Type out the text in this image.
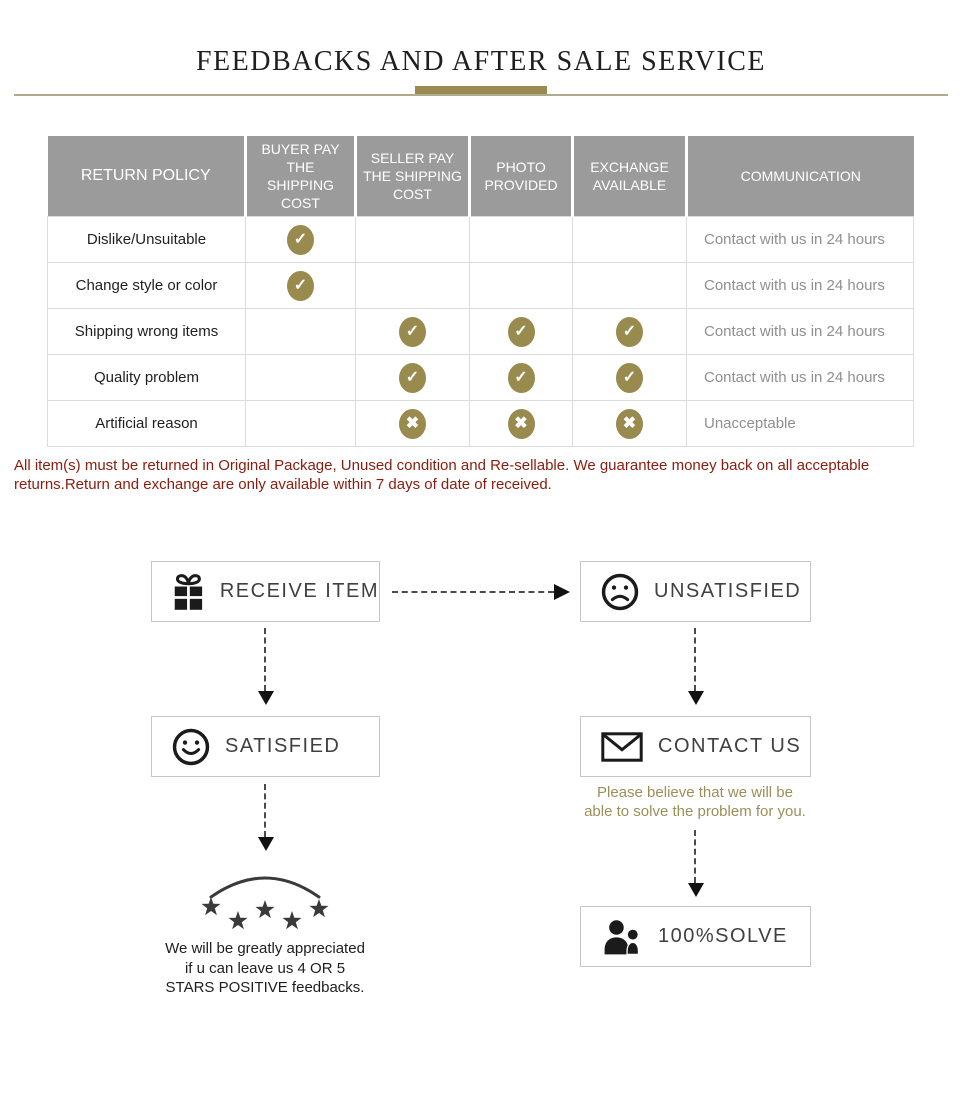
FEEDBACKS AND AFTER SALE SERVICE
RETURN POLICY	BUYER PAY THE SHIPPING COST	SELLER PAY THE SHIPPING COST	PHOTO PROVIDED	EXCHANGE AVAILABLE	COMMUNICATION
Dislike/Unsuitable	✓				Contact with us in 24 hours
Change style or color	✓				Contact with us in 24 hours
Shipping wrong items		✓	✓	✓	Contact with us in 24 hours
Quality problem		✓	✓	✓	Contact with us in 24 hours
Artificial reason		✖	✖	✖	Unacceptable

All item(s) must be returned in Original Package, Unused condition and Re-sellable. We guarantee money back on all acceptable returns.Return and exchange are only available within 7 days of date of received.

RECEIVE ITEM	UNSATISFIED
SATISFIED	CONTACT US
Please believe that we will be
able to solve the problem for you.
We will be greatly appreciated
if u can leave us 4 OR 5
STARS POSITIVE feedbacks.
100%SOLVE
